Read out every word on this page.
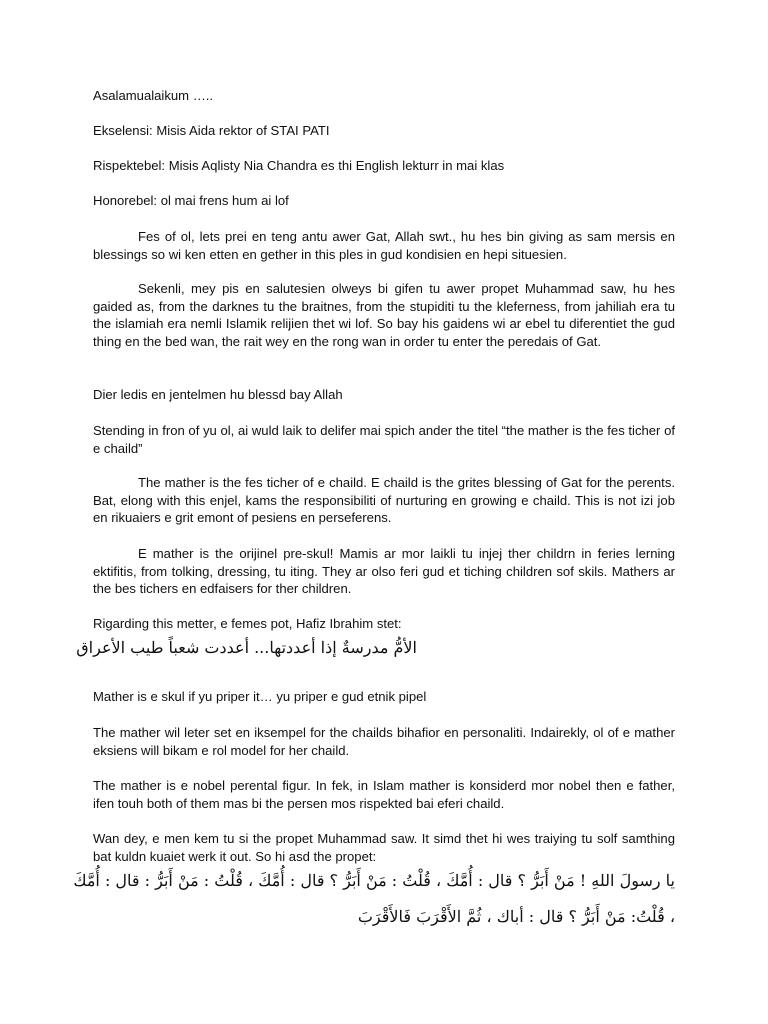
Asalamualaikum …..

Ekselensi: Misis Aida rektor of STAI PATI

Rispektebel: Misis Aqlisty Nia Chandra es thi English lekturr in mai klas

Honorebel: ol mai frens hum ai lof

Fes of ol, lets prei en teng antu awer Gat, Allah swt., hu hes bin giving as sam mersis en blessings so wi ken etten en gether in this ples in gud kondisien en hepi situesien.

Sekenli, mey pis en salutesien olweys bi gifen tu awer propet Muhammad saw, hu hes gaided as, from the darknes tu the braitnes, from the stupiditi tu the kleferness, from jahiliah era tu the islamiah era nemli Islamik relijien thet wi lof. So bay his gaidens wi ar ebel tu diferentiet the gud thing en the bed wan, the rait wey en the rong wan in order tu enter the peredais of Gat.

Dier ledis en jentelmen hu blessd bay Allah

Stending in fron of yu ol, ai wuld laik to delifer mai spich ander the titel “the mather is the fes ticher of e chaild”

The mather is the fes ticher of e chaild. E chaild is the grites blessing of Gat for the perents. Bat, elong with this enjel, kams the responsibiliti of nurturing en growing e chaild. This is not izi job en rikuaiers e grit emont of pesiens en perseferens.

E mather is the orijinel pre-skul! Mamis ar mor laikli tu injej ther childrn in feries lerning ektifitis, from tolking, dressing, tu iting. They ar olso feri gud et tiching children sof skils. Mathers ar the bes tichers en edfaisers for ther children.

Rigarding this metter, e femes pot, Hafiz Ibrahim stet:

الأمُّ مدرسةٌ إذا أعددتها... أعددت شعباً طيب الأعراق

Mather is e skul if yu priper it… yu priper e gud etnik pipel

The mather wil leter set en iksempel for the chailds bihafior en personaliti. Indairekly, ol of e mather eksiens will bikam e rol model for her chaild.

The mather is e nobel perental figur. In fek, in Islam mather is konsiderd mor nobel then e father, ifen touh both of them mas bi the persen mos rispekted bai eferi chaild.

Wan dey, e men kem tu si the propet Muhammad saw. It simd thet hi wes traiying tu solf samthing bat kuldn kuaiet werk it out. So hi asd the propet:

يا رسولَ اللهِ ! مَنْ أَبَرُّ ؟ قال : أُمَّكَ ، قُلْتُ : مَنْ أَبَرُّ ؟ قال : أُمَّكَ ، قُلْتُ : مَنْ أَبَرُّ : قال : أُمَّكَ
، قُلْتُ: مَنْ أَبَرُّ ؟ قال : أباك ، ثُمَّ الأَقْرَبَ فَالأَقْرَبَ
